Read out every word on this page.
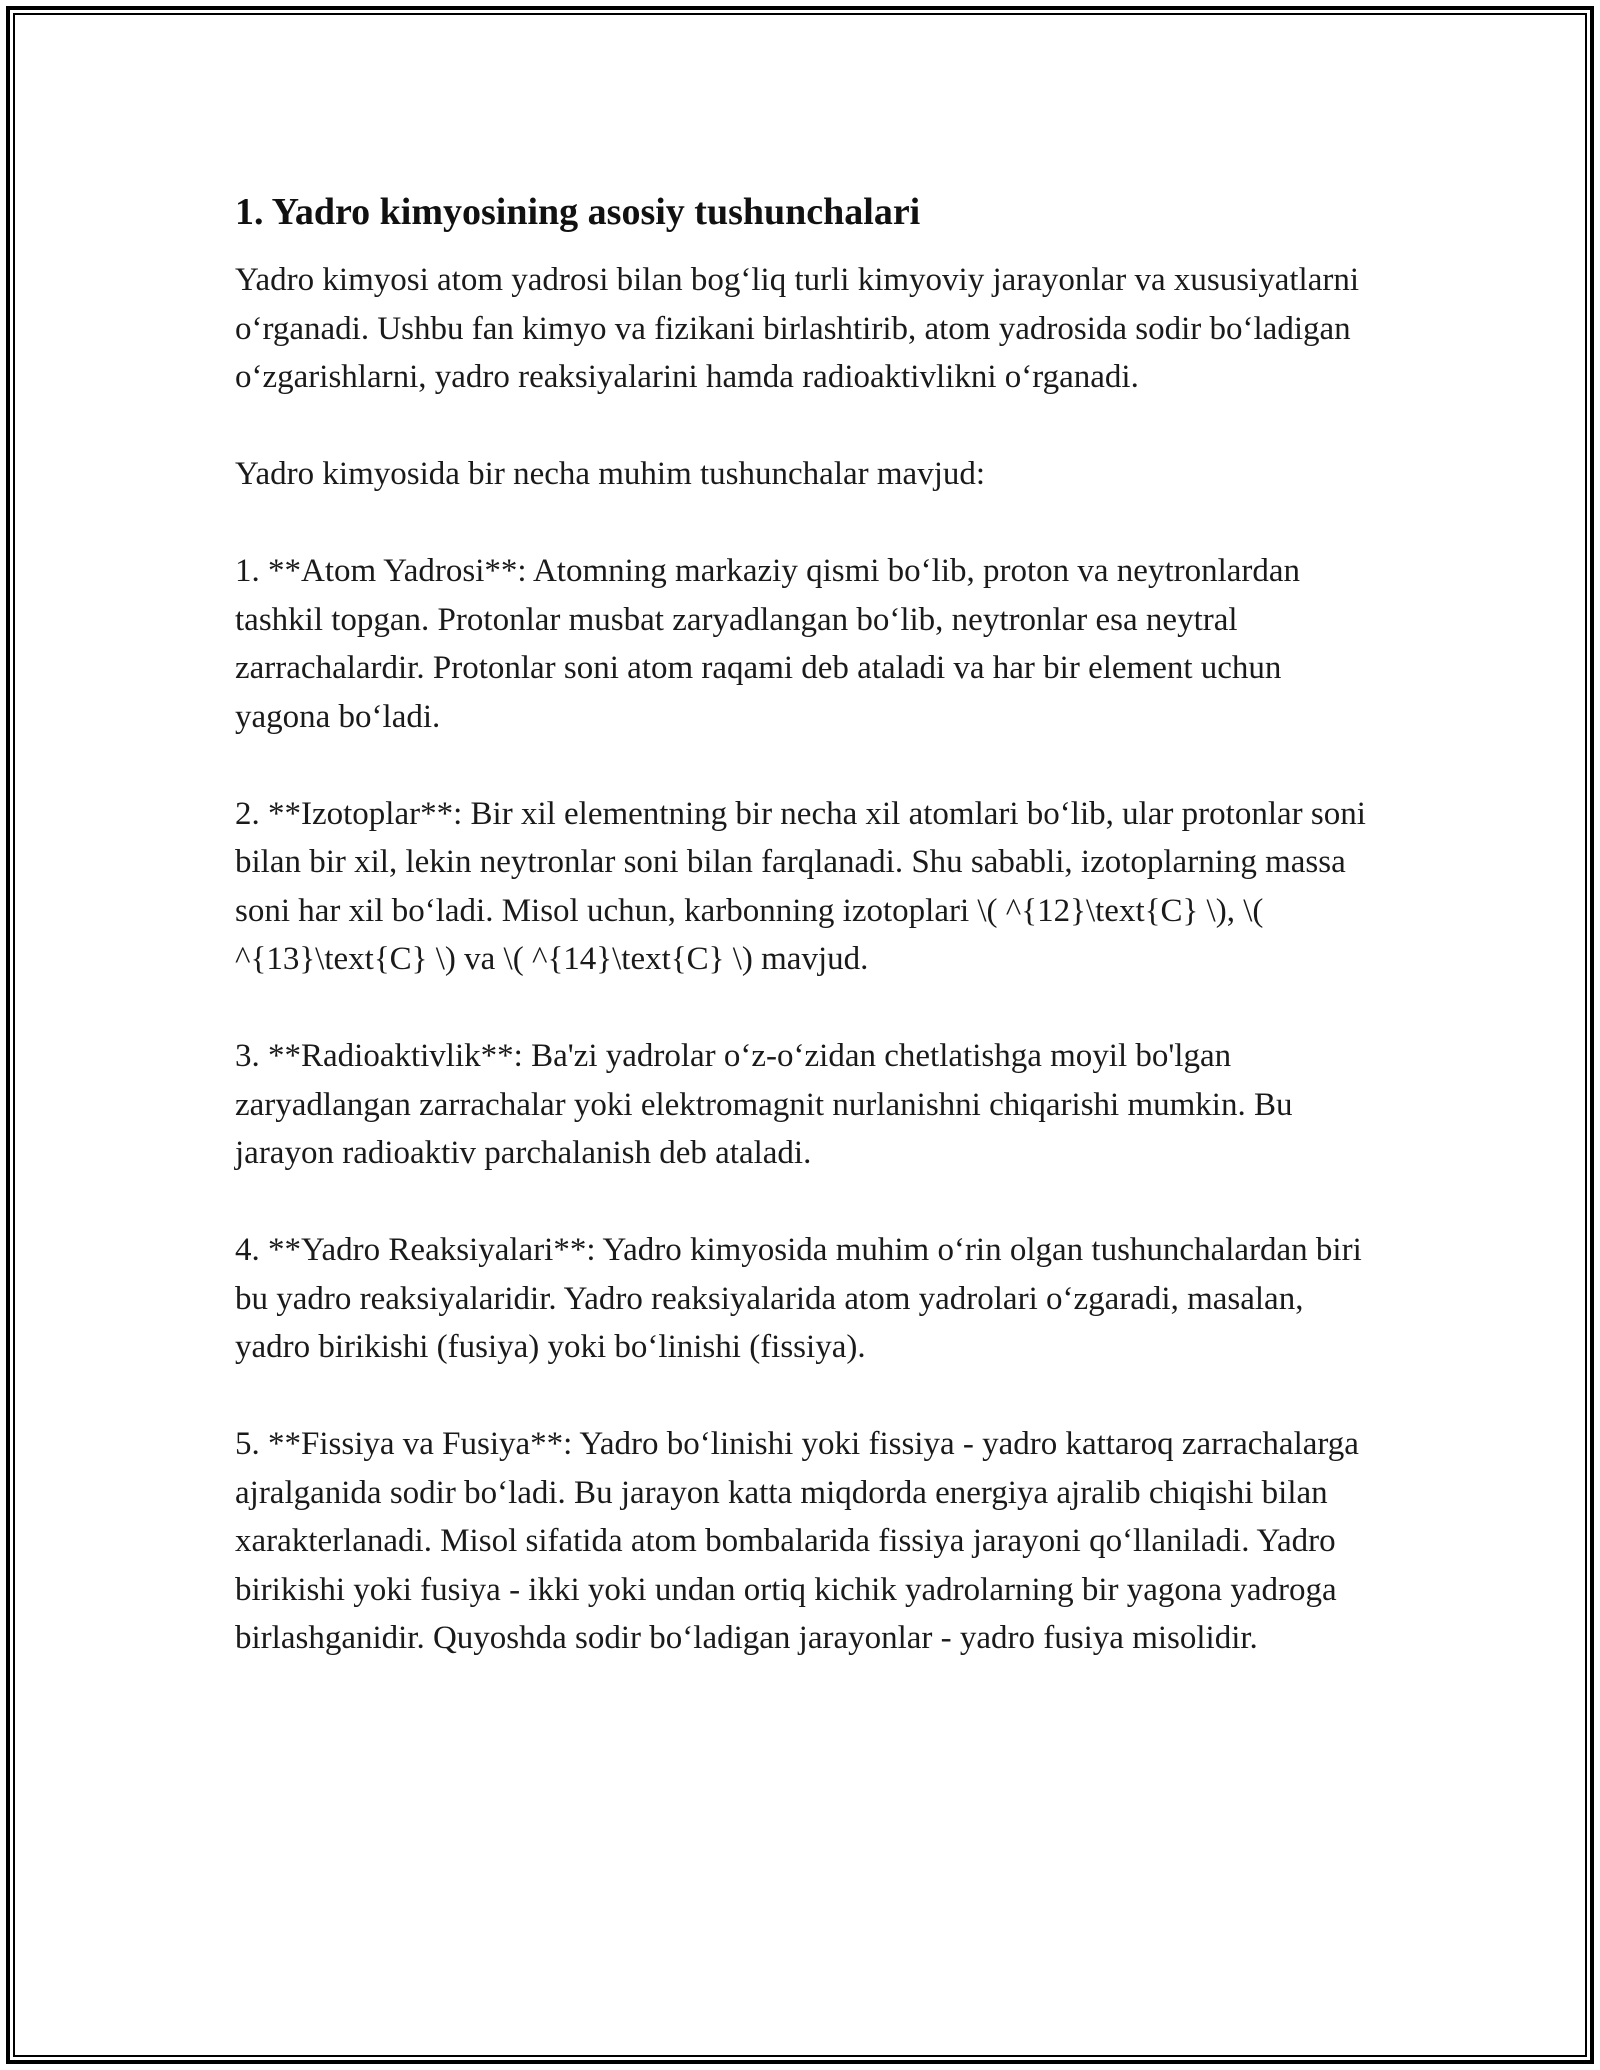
1. Yadro kimyosining asosiy tushunchalari

Yadro kimyosi atom yadrosi bilan bog‘liq turli kimyoviy jarayonlar va xususiyatlarni o‘rganadi. Ushbu fan kimyo va fizikani birlashtirib, atom yadrosida sodir bo‘ladigan o‘zgarishlarni, yadro reaksiyalarini hamda radioaktivlikni o‘rganadi.

Yadro kimyosida bir necha muhim tushunchalar mavjud:

1. **Atom Yadrosi**: Atomning markaziy qismi bo‘lib, proton va neytronlardan tashkil topgan. Protonlar musbat zaryadlangan bo‘lib, neytronlar esa neytral zarrachalardir. Protonlar soni atom raqami deb ataladi va har bir element uchun yagona bo‘ladi.

2. **Izotoplar**: Bir xil elementning bir necha xil atomlari bo‘lib, ular protonlar soni bilan bir xil, lekin neytronlar soni bilan farqlanadi. Shu sababli, izotoplarning massa soni har xil bo‘ladi. Misol uchun, karbonning izotoplari \( ^{12}\text{C} \), \( ^{13}\text{C} \) va \( ^{14}\text{C} \) mavjud.

3. **Radioaktivlik**: Ba'zi yadrolar o‘z-o‘zidan chetlatishga moyil bo'lgan zaryadlangan zarrachalar yoki elektromagnit nurlanishni chiqarishi mumkin. Bu jarayon radioaktiv parchalanish deb ataladi.

4. **Yadro Reaksiyalari**: Yadro kimyosida muhim o‘rin olgan tushunchalardan biri bu yadro reaksiyalaridir. Yadro reaksiyalarida atom yadrolari o‘zgaradi, masalan, yadro birikishi (fusiya) yoki bo‘linishi (fissiya).

5. **Fissiya va Fusiya**: Yadro bo‘linishi yoki fissiya - yadro kattaroq zarrachalarga ajralganida sodir bo‘ladi. Bu jarayon katta miqdorda energiya ajralib chiqishi bilan xarakterlanadi. Misol sifatida atom bombalarida fissiya jarayoni qo‘llaniladi. Yadro birikishi yoki fusiya - ikki yoki undan ortiq kichik yadrolarning bir yagona yadroga birlashganidir. Quyoshda sodir bo‘ladigan jarayonlar - yadro fusiya misolidir.
